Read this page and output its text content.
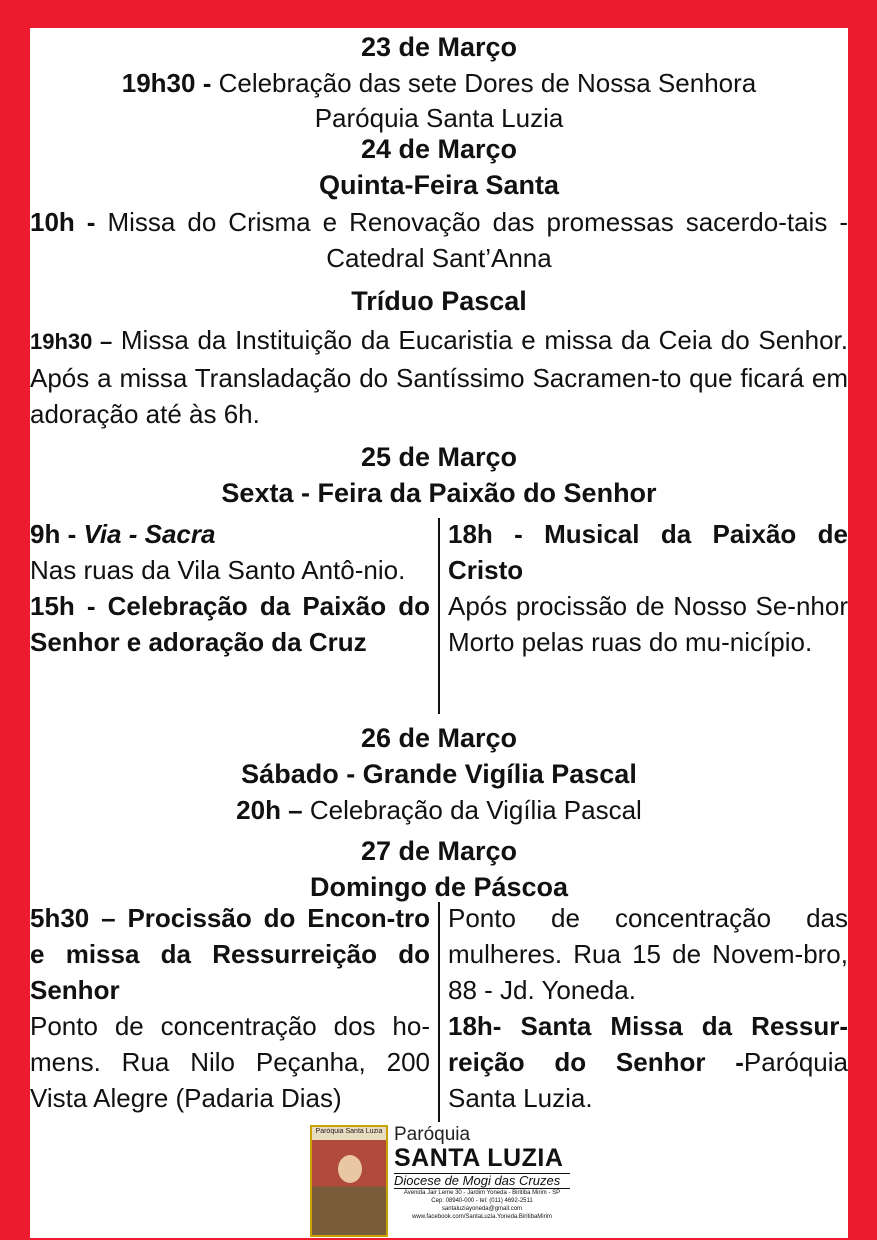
23 de Março
19h30 - Celebração das sete Dores de Nossa Senhora
Paróquia Santa Luzia
24 de Março
Quinta-Feira Santa
10h - Missa do Crisma e Renovação das promessas sacerdo-tais - Catedral Sant’Anna
Tríduo Pascal
19h30 – Missa da Instituição da Eucaristia e missa da Ceia do Senhor. Após a missa Transladação do Santíssimo Sacramen-to que ficará em adoração até às 6h.
25 de Março
Sexta - Feira da Paixão do Senhor
9h - Via - Sacra
Nas ruas da Vila Santo Antô-nio.
15h - Celebração da Paixão do Senhor e adoração da Cruz
18h - Musical da Paixão de Cristo
Após procissão de Nosso Se-nhor Morto pelas ruas do mu-nicípio.
26 de Março
Sábado - Grande Vigília Pascal
20h – Celebração da Vigília Pascal
27 de Março
Domingo de Páscoa
5h30 – Procissão do Encon-tro e missa da Ressurreição do Senhor
Ponto de concentração dos ho-mens. Rua Nilo Peçanha, 200 Vista Alegre (Padaria Dias)
Ponto de concentração das mulheres. Rua 15 de Novem-bro, 88 - Jd. Yoneda.
18h- Santa Missa da Ressur-reição do Senhor -Paróquia Santa Luzia.
Paróquia Santa Luzia Paróquia
SANTA LUZIA
Diocese de Mogi das Cruzes
Avenida Jair Leme 30 - Jardim Yoneda - Biritiba Mirim - SP
Cep: 08940-000 - tel: (011) 4692-2511
santaluziayoneda@gmail.com
www.facebook.com/SantaLuzia.Yoneda.BiritibaMirim
